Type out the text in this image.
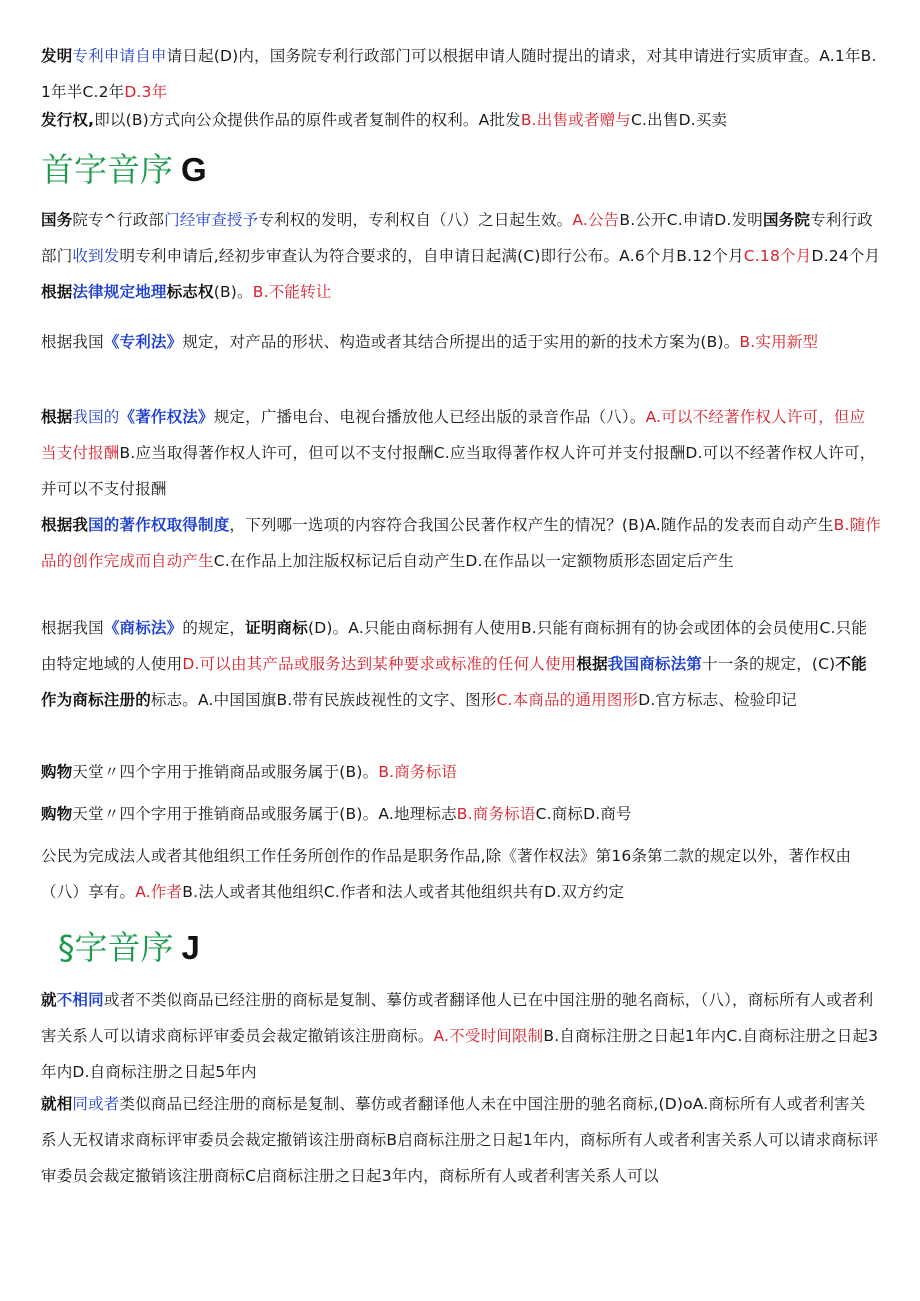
发明专利申请自申请日起(D)内，国务院专利行政部门可以根据申请人随时提出的请求，对其申请进行实质审查。A.1年B.1年半C.2年D.3年

发行权,即以(B)方式向公众提供作品的原件或者复制件的权利。A批发B.出售或者赠与C.出售D.买卖

首字音序 G

国务院专^行政部门经审查授予专利权的发明，专利权自（八）之日起生效。A.公告B.公开C.申请D.发明国务院专利行政部门收到发明专利申请后,经初步审查认为符合要求的，自申请日起满(C)即行公布。A.6个月B.12个月C.18个月D.24个月根据法律规定地理标志权(B)。B.不能转让

根据我国《专利法》规定，对产品的形状、构造或者其结合所提出的适于实用的新的技术方案为(B)。B.实用新型

根据我国的《著作权法》规定，广播电台、电视台播放他人已经出版的录音作品（八）。A.可以不经著作权人许可，但应当支付报酬B.应当取得著作权人许可，但可以不支付报酬C.应当取得著作权人许可并支付报酬D.可以不经著作权人许可，并可以不支付报酬

根据我国的著作权取得制度，下列哪一选项的内容符合我国公民著作权产生的情况？(B)A.随作品的发表而自动产生B.随作品的创作完成而自动产生C.在作品上加注版权标记后自动产生D.在作品以一定额物质形态固定后产生

根据我国《商标法》的规定，证明商标(D)。A.只能由商标拥有人使用B.只能有商标拥有的协会或团体的会员使用C.只能由特定地域的人使用D.可以由其产品或服务达到某种要求或标准的任何人使用根据我国商标法第十一条的规定，(C)不能作为商标注册的标志。A.中国国旗B.带有民族歧视性的文字、图形C.本商品的通用图形D.官方标志、检验印记

购物天堂〃四个字用于推销商品或服务属于(B)。B.商务标语

购物天堂〃四个字用于推销商品或服务属于(B)。A.地理标志B.商务标语C.商标D.商号

公民为完成法人或者其他组织工作任务所创作的作品是职务作品,除《著作权法》第16条第二款的规定以外，著作权由（八）享有。A.作者B.法人或者其他组织C.作者和法人或者其他组织共有D.双方约定

§字音序 J

就不相同或者不类似商品已经注册的商标是复制、摹仿或者翻译他人已在中国注册的驰名商标，（八），商标所有人或者利害关系人可以请求商标评审委员会裁定撤销该注册商标。A.不受时间限制B.自商标注册之日起1年内C.自商标注册之日起3年内D.自商标注册之日起5年内

就相同或者类似商品已经注册的商标是复制、摹仿或者翻译他人未在中国注册的驰名商标,(D)oA.商标所有人或者利害关系人无权请求商标评审委员会裁定撤销该注册商标B启商标注册之日起1年内，商标所有人或者利害关系人可以请求商标评审委员会裁定撤销该注册商标C启商标注册之日起3年内，商标所有人或者利害关系人可以
